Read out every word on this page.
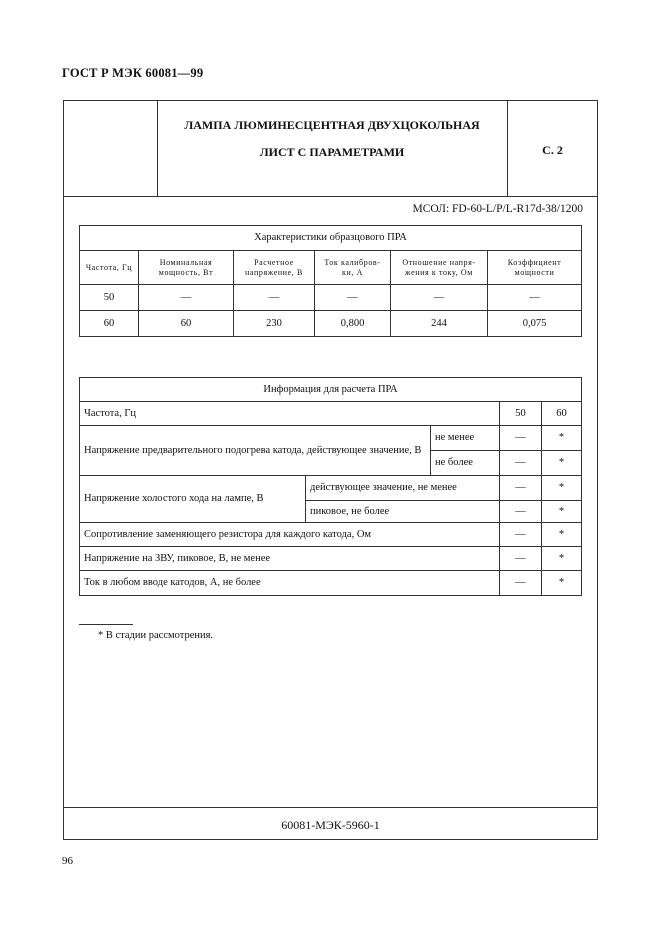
ГОСТ Р МЭК 60081—99
ЛАМПА ЛЮМИНЕСЦЕНТНАЯ ДВУХЦОКОЛЬНАЯ
ЛИСТ С ПАРАМЕТРАМИ	С. 2
МСОЛ: FD-60-L/P/L-R17d-38/1200
Характеристики образцового ПРА					
Частота, Гц	Номинальная мощность, Вт	Расчетное напряжение, В	Ток калибров-ки, А	Отношение напря-жения к току, Ом	Коэффициент мощности
50	—	—	—	—	—
60	60	230	0,800	244	0,075
Информация для расчета ПРА				
Частота, Гц			50	60
Напряжение предварительного подогрева катода, действующее значение, В		не менее	—	*
		не более	—	*
Напряжение холостого хода на лампе, В	действующее значение, не менее		—	*
	пиковое, не более		—	*
Сопротивление заменяющего резистора для каждого катода, Ом			—	*
Напряжение на ЗВУ, пиковое, В, не менее			—	*
Ток в любом вводе катодов, А, не более			—	*
* В стадии рассмотрения.
60081-МЭК-5960-1
96
